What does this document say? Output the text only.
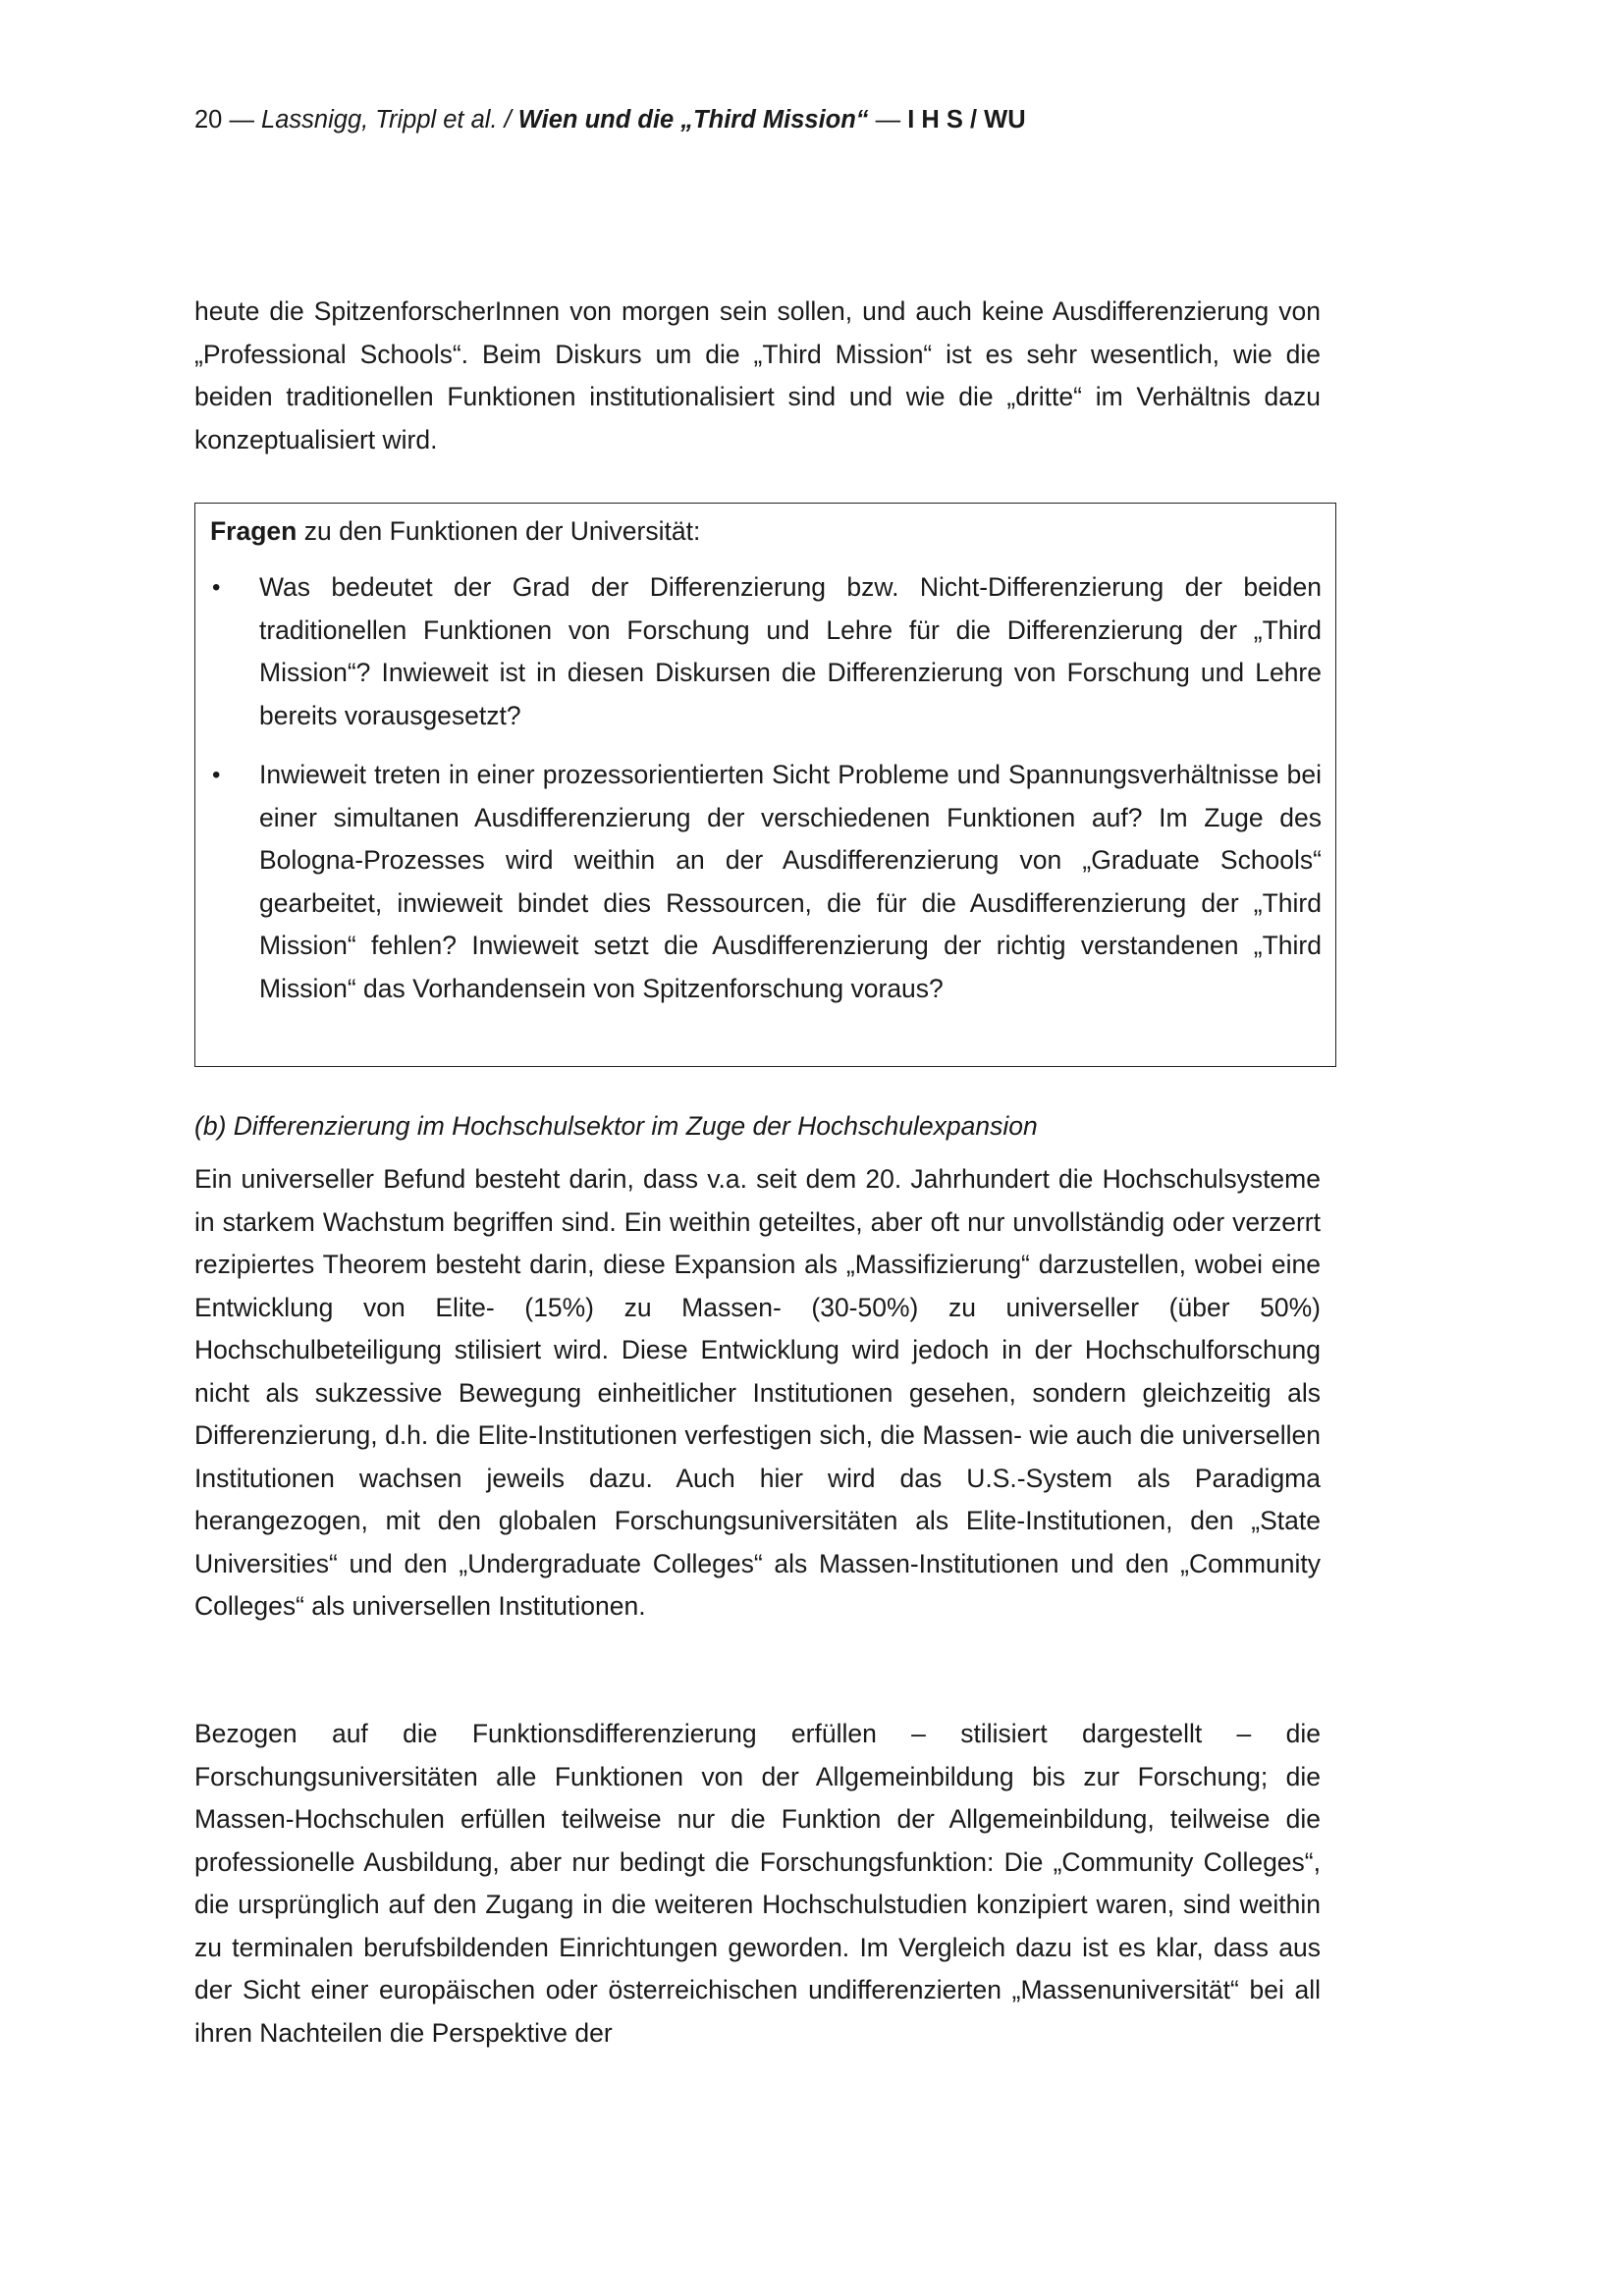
20 — Lassnigg, Trippl et al. / Wien und die „Third Mission“ — I H S / WU

heute die SpitzenforscherInnen von morgen sein sollen, und auch keine Ausdifferenzierung von „Professional Schools“. Beim Diskurs um die „Third Mission“ ist es sehr wesentlich, wie die beiden traditionellen Funktionen institutionalisiert sind und wie die „dritte“ im Verhältnis dazu konzeptualisiert wird.

Fragen zu den Funktionen der Universität:
• Was bedeutet der Grad der Differenzierung bzw. Nicht-Differenzierung der beiden traditionellen Funktionen von Forschung und Lehre für die Differenzierung der „Third Mission“? Inwieweit ist in diesen Diskursen die Differenzierung von Forschung und Lehre bereits vorausgesetzt?

• Inwieweit treten in einer prozessorientierten Sicht Probleme und Spannungsverhältnisse bei einer simultanen Ausdifferenzierung der verschiedenen Funktionen auf? Im Zuge des Bologna-Prozesses wird weithin an der Ausdifferenzierung von „Graduate Schools“ gearbeitet, inwieweit bindet dies Ressourcen, die für die Ausdifferenzierung der „Third Mission“ fehlen? Inwieweit setzt die Ausdifferenzierung der richtig verstandenen „Third Mission“ das Vorhandensein von Spitzenforschung voraus?

(b) Differenzierung im Hochschulsektor im Zuge der Hochschulexpansion

Ein universeller Befund besteht darin, dass v.a. seit dem 20. Jahrhundert die Hochschulsysteme in starkem Wachstum begriffen sind. Ein weithin geteiltes, aber oft nur unvollständig oder verzerrt rezipiertes Theorem besteht darin, diese Expansion als „Massifizierung“ darzustellen, wobei eine Entwicklung von Elite- (15%) zu Massen- (30-50%) zu universeller (über 50%) Hochschulbeteiligung stilisiert wird. Diese Entwicklung wird jedoch in der Hochschulforschung nicht als sukzessive Bewegung einheitlicher Institutionen gesehen, sondern gleichzeitig als Differenzierung, d.h. die Elite-Institutionen verfestigen sich, die Massen- wie auch die universellen Institutionen wachsen jeweils dazu. Auch hier wird das U.S.-System als Paradigma herangezogen, mit den globalen Forschungsuniversitäten als Elite-Institutionen, den „State Universities“ und den „Undergraduate Colleges“ als Massen-Institutionen und den „Community Colleges“ als universellen Institutionen.

Bezogen auf die Funktionsdifferenzierung erfüllen – stilisiert dargestellt – die Forschungsuniversitäten alle Funktionen von der Allgemeinbildung bis zur Forschung; die Massen-Hochschulen erfüllen teilweise nur die Funktion der Allgemeinbildung, teilweise die professionelle Ausbildung, aber nur bedingt die Forschungsfunktion: Die „Community Colleges“, die ursprünglich auf den Zugang in die weiteren Hochschulstudien konzipiert waren, sind weithin zu terminalen berufsbildenden Einrichtungen geworden. Im Vergleich dazu ist es klar, dass aus der Sicht einer europäischen oder österreichischen undifferenzierten „Massenuniversität“ bei all ihren Nachteilen die Perspektive der
